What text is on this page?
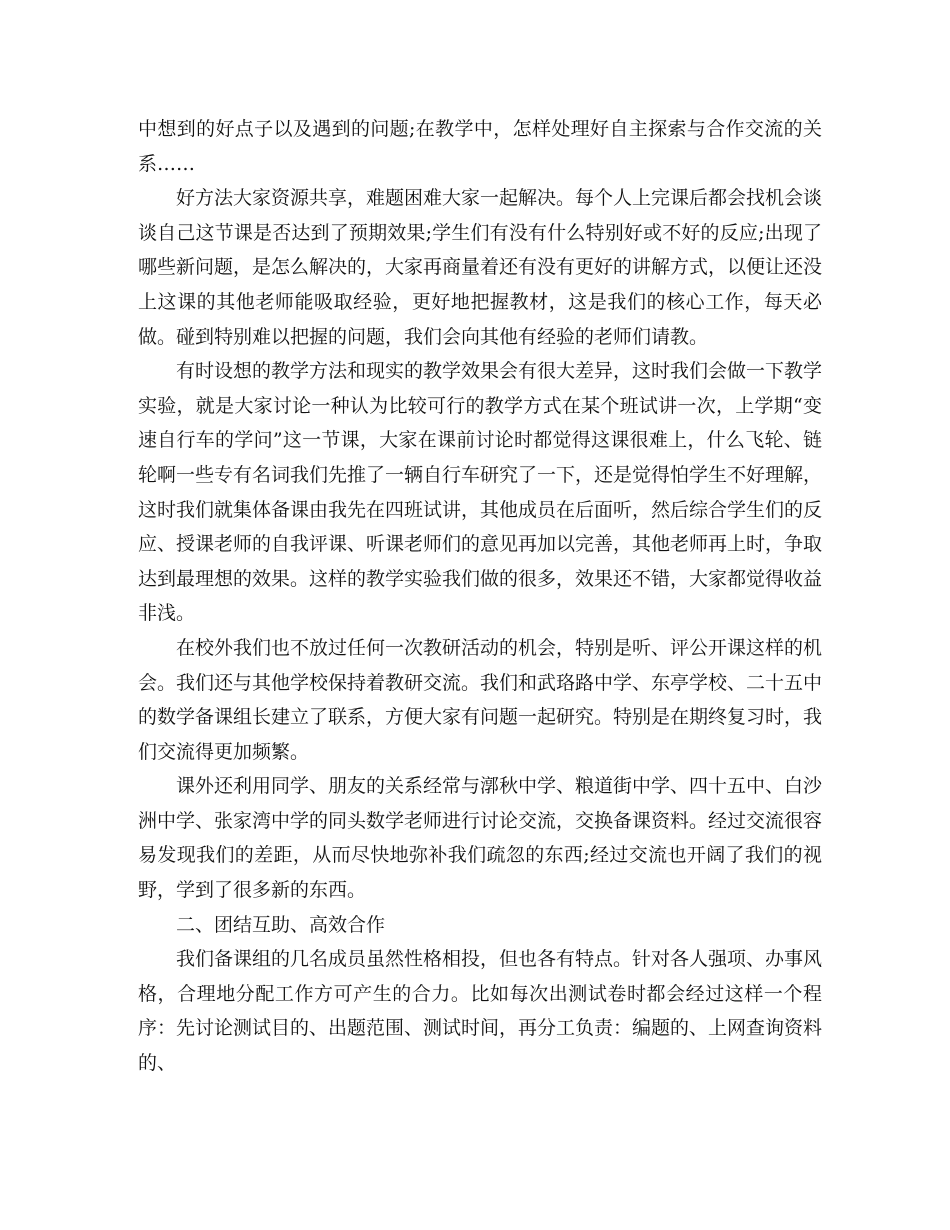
中想到的好点子以及遇到的问题;在教学中，怎样处理好自主探索与合作交流的关系……

好方法大家资源共享，难题困难大家一起解决。每个人上完课后都会找机会谈谈自己这节课是否达到了预期效果;学生们有没有什么特别好或不好的反应;出现了哪些新问题，是怎么解决的，大家再商量着还有没有更好的讲解方式，以便让还没上这课的其他老师能吸取经验，更好地把握教材，这是我们的核心工作，每天必做。碰到特别难以把握的问题，我们会向其他有经验的老师们请教。

有时设想的教学方法和现实的教学效果会有很大差异，这时我们会做一下教学实验，就是大家讨论一种认为比较可行的教学方式在某个班试讲一次，上学期“变速自行车的学问”这一节课，大家在课前讨论时都觉得这课很难上，什么飞轮、链轮啊一些专有名词我们先推了一辆自行车研究了一下，还是觉得怕学生不好理解，这时我们就集体备课由我先在四班试讲，其他成员在后面听，然后综合学生们的反应、授课老师的自我评课、听课老师们的意见再加以完善，其他老师再上时，争取达到最理想的效果。这样的教学实验我们做的很多，效果还不错，大家都觉得收益非浅。

在校外我们也不放过任何一次教研活动的机会，特别是听、评公开课这样的机会。我们还与其他学校保持着教研交流。我们和武珞路中学、东亭学校、二十五中的数学备课组长建立了联系，方便大家有问题一起研究。特别是在期终复习时，我们交流得更加频繁。

课外还利用同学、朋友的关系经常与漷秋中学、粮道街中学、四十五中、白沙洲中学、张家湾中学的同头数学老师进行讨论交流，交换备课资料。经过交流很容易发现我们的差距，从而尽快地弥补我们疏忽的东西;经过交流也开阔了我们的视野，学到了很多新的东西。

二、团结互助、高效合作

我们备课组的几名成员虽然性格相投，但也各有特点。针对各人强项、办事风格，合理地分配工作方可产生的合力。比如每次出测试卷时都会经过这样一个程序：先讨论测试目的、出题范围、测试时间，再分工负责：编题的、上网查询资料的、
